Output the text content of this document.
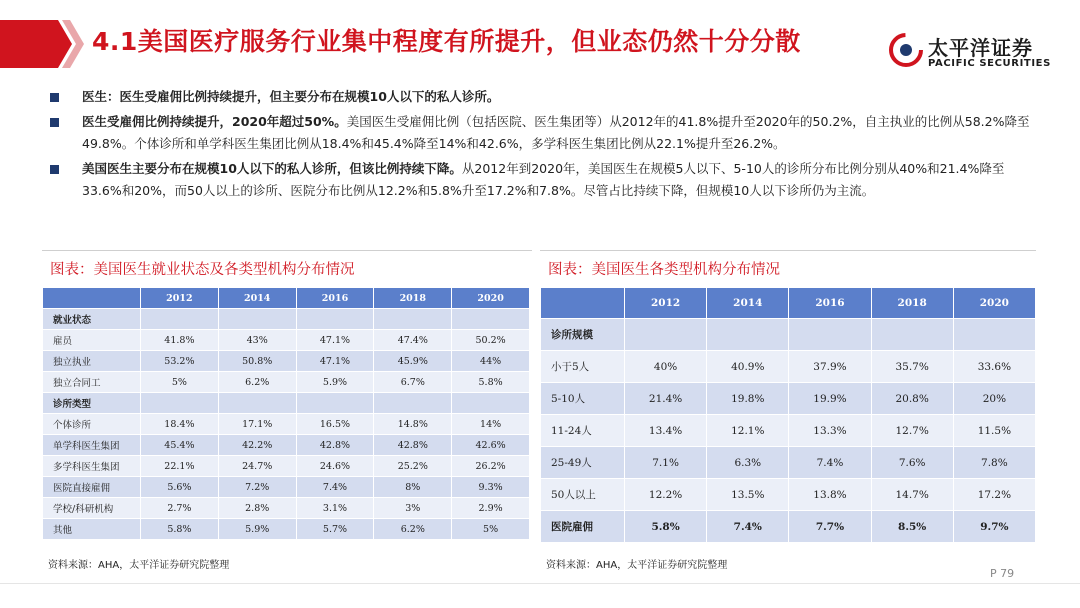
4.1美国医疗服务行业集中程度有所提升，但业态仍然十分分散	太平洋证券
PACIFIC SECURITIES
医生：医生受雇佣比例持续提升，但主要分布在规模10人以下的私人诊所。
医生受雇佣比例持续提升，2020年超过50%。美国医生受雇佣比例（包括医院、医生集团等）从2012年的41.8%提升至2020年的50.2%，自主执业的比例从58.2%降至49.8%。个体诊所和单学科医生集团比例从18.4%和45.4%降至14%和42.6%，多学科医生集团比例从22.1%提升至26.2%。
美国医生主要分布在规模10人以下的私人诊所，但该比例持续下降。从2012年到2020年，美国医生在规模5人以下、5-10人的诊所分布比例分别从40%和21.4%降至33.6%和20%，而50人以上的诊所、医院分布比例从12.2%和5.8%升至17.2%和7.8%。尽管占比持续下降，但规模10人以下诊所仍为主流。
图表：美国医生就业状态及各类型机构分布情况	图表：美国医生各类型机构分布情况
	2012	2014	2016	2018	2020
就业状态					
雇员	41.8%	43%	47.1%	47.4%	50.2%
独立执业	53.2%	50.8%	47.1%	45.9%	44%
独立合同工	5%	6.2%	5.9%	6.7%	5.8%
诊所类型					
个体诊所	18.4%	17.1%	16.5%	14.8%	14%
单学科医生集团	45.4%	42.2%	42.8%	42.8%	42.6%
多学科医生集团	22.1%	24.7%	24.6%	25.2%	26.2%
医院直接雇佣	5.6%	7.2%	7.4%	8%	9.3%
学校/科研机构	2.7%	2.8%	3.1%	3%	2.9%
其他	5.8%	5.9%	5.7%	6.2%	5%
	2012	2014	2016	2018	2020
诊所规模					
小于5人	40%	40.9%	37.9%	35.7%	33.6%
5-10人	21.4%	19.8%	19.9%	20.8%	20%
11-24人	13.4%	12.1%	13.3%	12.7%	11.5%
25-49人	7.1%	6.3%	7.4%	7.6%	7.8%
50人以上	12.2%	13.5%	13.8%	14.7%	17.2%
医院雇佣	5.8%	7.4%	7.7%	8.5%	9.7%
资料来源：AHA，太平洋证券研究院整理	资料来源：AHA，太平洋证券研究院整理
P 79
